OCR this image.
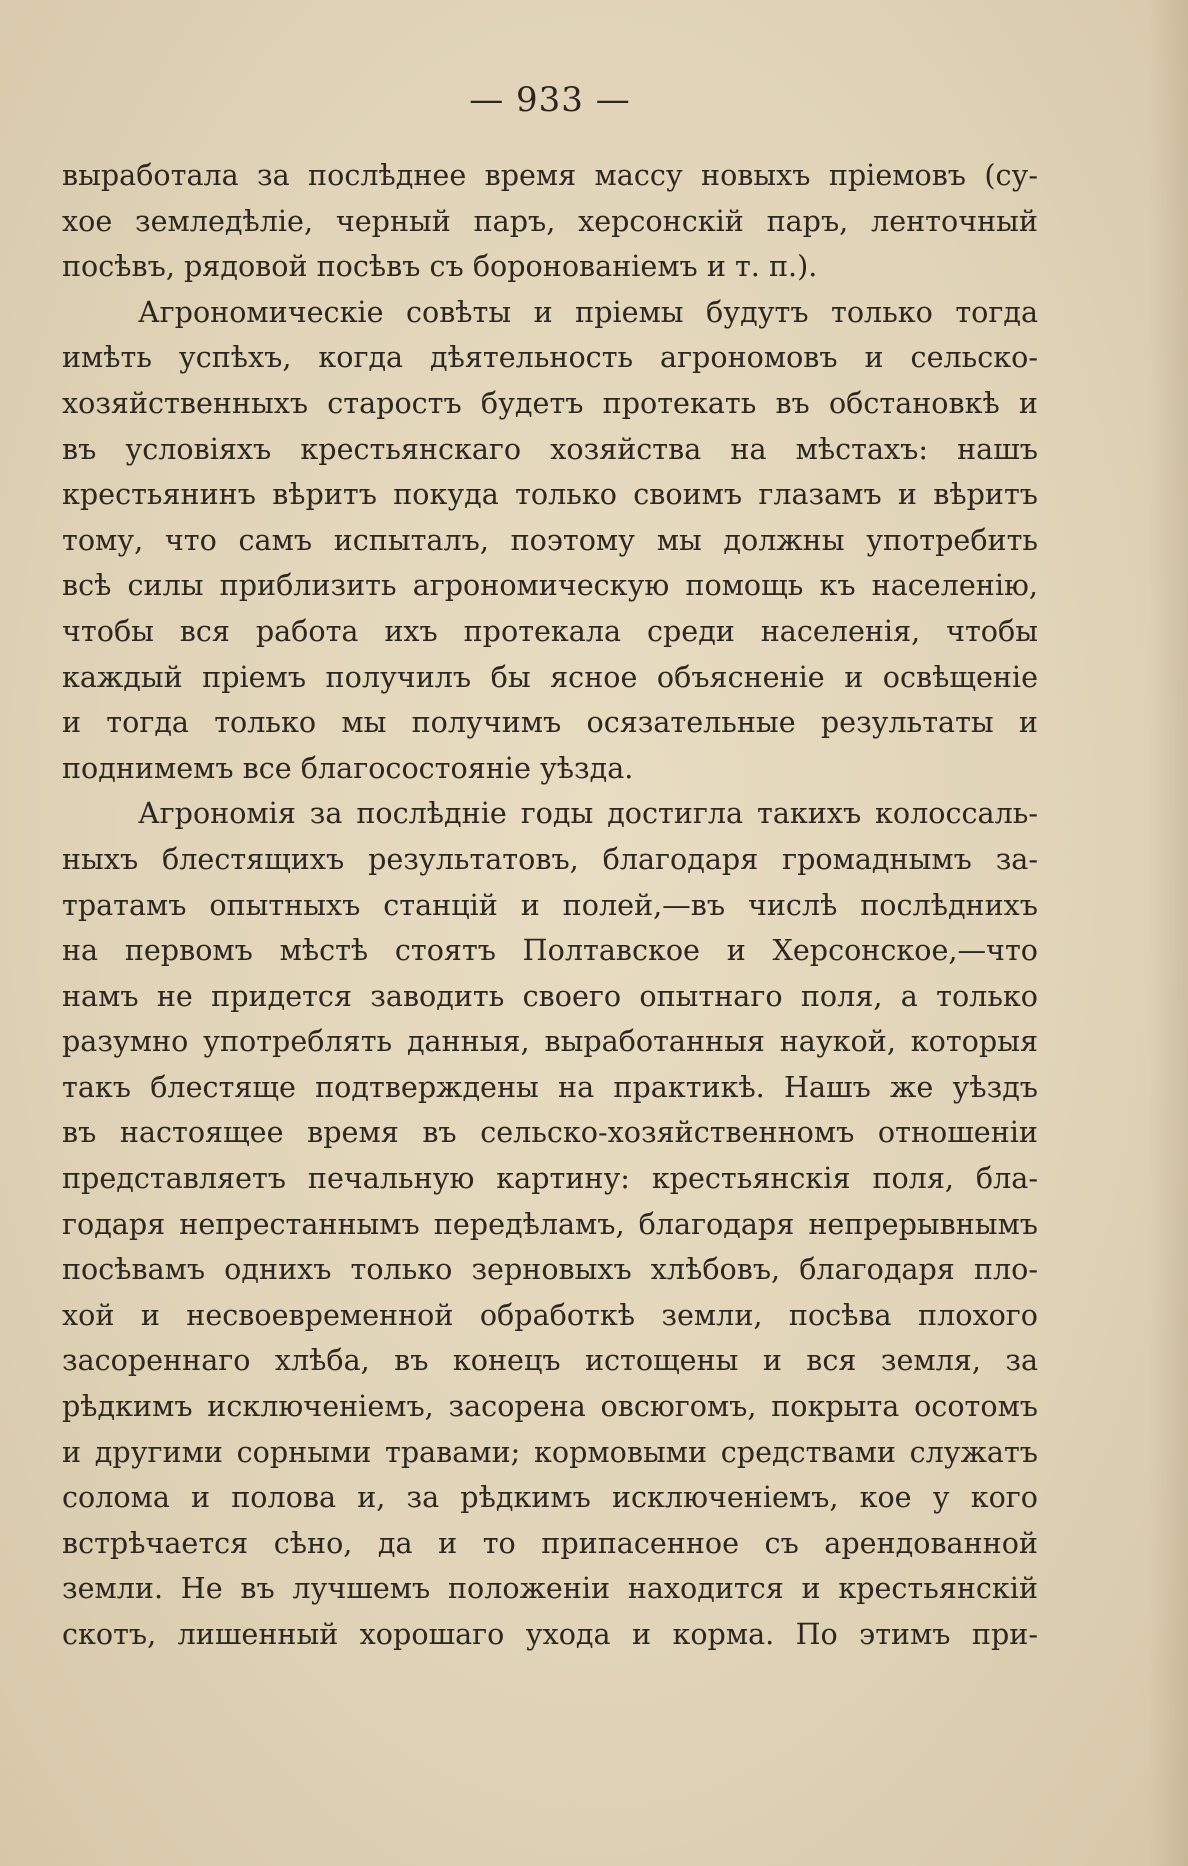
— 933 —
выработала за послѣднее время массу новыхъ пріемовъ (су-
хое земледѣліе, черный паръ, херсонскій паръ, ленточный
посѣвъ, рядовой посѣвъ съ боронованіемъ и т. п.).
Агрономическіе совѣты и пріемы будутъ только тогда
имѣть успѣхъ, когда дѣятельность агрономовъ и сельско-
хозяйственныхъ старостъ будетъ протекать въ обстановкѣ и
въ условіяхъ крестьянскаго хозяйства на мѣстахъ: нашъ
крестьянинъ вѣритъ покуда только своимъ глазамъ и вѣритъ
тому, что самъ испыталъ, поэтому мы должны употребить
всѣ силы приблизить агрономическую помощь къ населенію,
чтобы вся работа ихъ протекала среди населенія, чтобы
каждый пріемъ получилъ бы ясное объясненіе и освѣщеніе
и тогда только мы получимъ осязательные результаты и
поднимемъ все благосостояніе уѣзда.
Агрономія за послѣдніе годы достигла такихъ колоссаль-
ныхъ блестящихъ результатовъ, благодаря громаднымъ за-
тратамъ опытныхъ станцій и полей,—въ числѣ послѣднихъ
на первомъ мѣстѣ стоятъ Полтавское и Херсонское,—что
намъ не придется заводить своего опытнаго поля, а только
разумно употреблять данныя, выработанныя наукой, которыя
такъ блестяще подтверждены на практикѣ. Нашъ же уѣздъ
въ настоящее время въ сельско-хозяйственномъ отношеніи
представляетъ печальную картину: крестьянскія поля, бла-
годаря непрестаннымъ передѣламъ, благодаря непрерывнымъ
посѣвамъ однихъ только зерновыхъ хлѣбовъ, благодаря пло-
хой и несвоевременной обработкѣ земли, посѣва плохого
засореннаго хлѣба, въ конецъ истощены и вся земля, за
рѣдкимъ исключеніемъ, засорена овсюгомъ, покрыта осотомъ
и другими сорными травами; кормовыми средствами служатъ
солома и полова и, за рѣдкимъ исключеніемъ, кое у кого
встрѣчается сѣно, да и то припасенное съ арендованной
земли. Не въ лучшемъ положеніи находится и крестьянскій
скотъ, лишенный хорошаго ухода и корма. По этимъ при-
